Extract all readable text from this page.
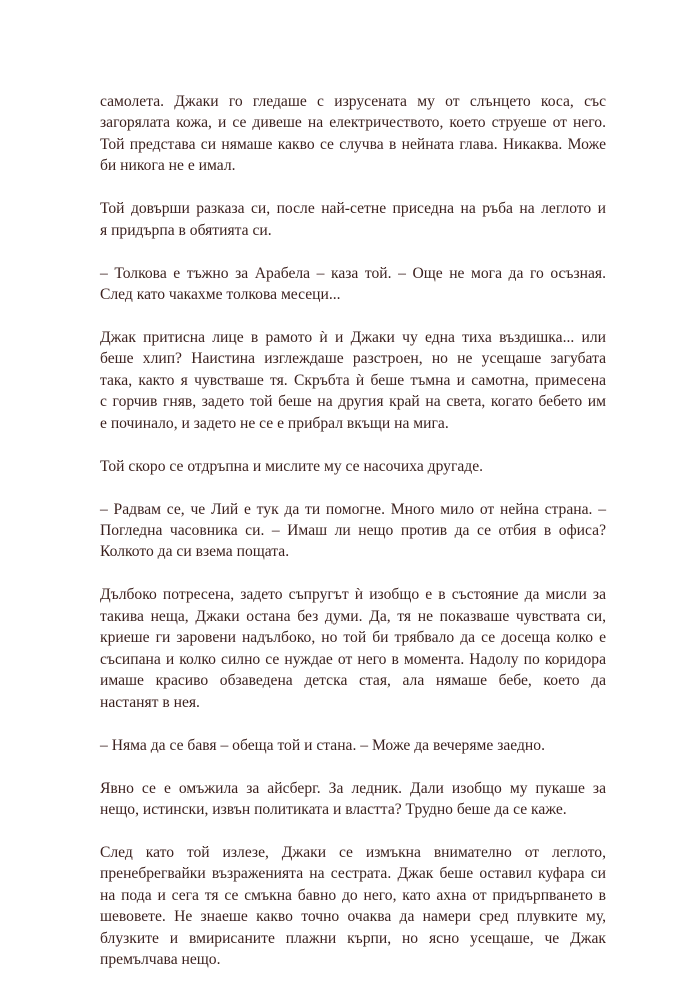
самолета. Джаки го гледаше с изрусената му от слънцето коса, със
загорялата кожа, и се дивеше на електричеството, което струеше от него.
Той представа си нямаше какво се случва в нейната глава. Никаква. Може
би никога не е имал.

Той довърши разказа си, после най-сетне приседна на ръба на леглото и
я придърпа в обятията си.

– Толкова е тъжно за Арабела – каза той. – Още не мога да го осъзная.
След като чакахме толкова месеци...

Джак притисна лице в рамото ѝ и Джаки чу една тиха въздишка... или
беше хлип? Наистина изглеждаше разстроен, но не усещаше загубата
така, както я чувстваше тя. Скръбта ѝ беше тъмна и самотна, примесена
с горчив гняв, задето той беше на другия край на света, когато бебето им
е починало, и задето не се е прибрал вкъщи на мига.

Той скоро се отдръпна и мислите му се насочиха другаде.

– Радвам се, че Лий е тук да ти помогне. Много мило от нейна страна. –
Погледна часовника си. – Имаш ли нещо против да се отбия в офиса?
Колкото да си взема пощата.

Дълбоко потресена, задето съпругът ѝ изобщо е в състояние да мисли за
такива неща, Джаки остана без думи. Да, тя не показваше чувствата си,
криеше ги заровени надълбоко, но той би трябвало да се досеща колко е
съсипана и колко силно се нуждае от него в момента. Надолу по коридора
имаше красиво обзаведена детска стая, ала нямаше бебе, което да
настанят в нея.

– Няма да се бавя – обеща той и стана. – Може да вечеряме заедно.

Явно се е омъжила за айсберг. За ледник. Дали изобщо му пукаше за
нещо, истински, извън политиката и властта? Трудно беше да се каже.

След като той излезе, Джаки се измъкна внимателно от леглото,
пренебрегвайки възраженията на сестрата. Джак беше оставил куфара си
на пода и сега тя се смъкна бавно до него, като ахна от придърпването в
шевовете. Не знаеше какво точно очаква да намери сред плувките му,
блузките и вмирисаните плажни кърпи, но ясно усещаше, че Джак
премълчава нещо.
